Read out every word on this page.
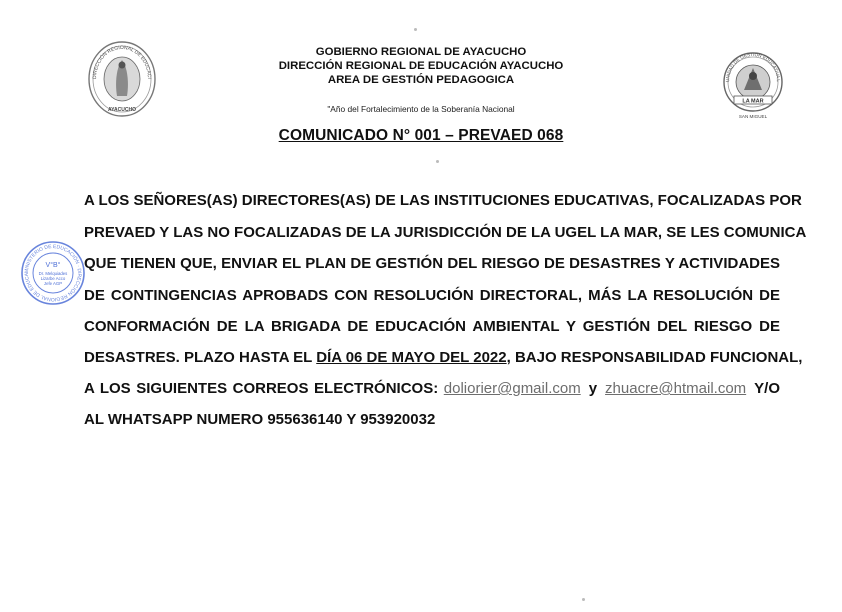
DIRECCIÓN REGIONAL DE EDUCACI
AYACUCHO
UNIDAD DE GESTIÓN EDUCATIVA L
LA MAR
SAN MIGUEL
MINISTERIO DE EDUCACIÓN · DIRECCIÓN REGIONAL DE EDUCA
V°B°
Dr. Melquiades
Lizarbe Acco
Jefe AGP
GOBIERNO REGIONAL DE AYACUCHO
DIRECCIÓN REGIONAL DE EDUCACIÓN AYACUCHO
AREA DE GESTIÓN PEDAGOGICA
"Año del Fortalecimiento de la Soberanía Nacional
COMUNICADO N° 001 – PREVAED 068
A LOS SEÑORES(AS) DIRECTORES(AS) DE LAS INSTITUCIONES EDUCATIVAS, FOCALIZADAS POR
PREVAED Y LAS NO FOCALIZADAS DE LA JURISDICCIÓN DE LA UGEL LA MAR, SE LES COMUNICA
QUE TIENEN QUE, ENVIAR EL PLAN DE GESTIÓN DEL RIESGO DE DESASTRES Y ACTIVIDADES
DE CONTINGENCIAS APROBADS CON RESOLUCIÓN DIRECTORAL, MÁS LA RESOLUCIÓN DE
CONFORMACIÓN DE LA BRIGADA DE EDUCACIÓN AMBIENTAL Y GESTIÓN DEL RIESGO DE
DESASTRES. PLAZO HASTA EL DÍA 06 DE MAYO DEL 2022, BAJO RESPONSABILIDAD FUNCIONAL,
A LOS SIGUIENTES CORREOS ELECTRÓNICOS: doliorier@gmail.com y zhuacre@htmail.com Y/O
AL WHATSAPP NUMERO 955636140 Y 953920032
